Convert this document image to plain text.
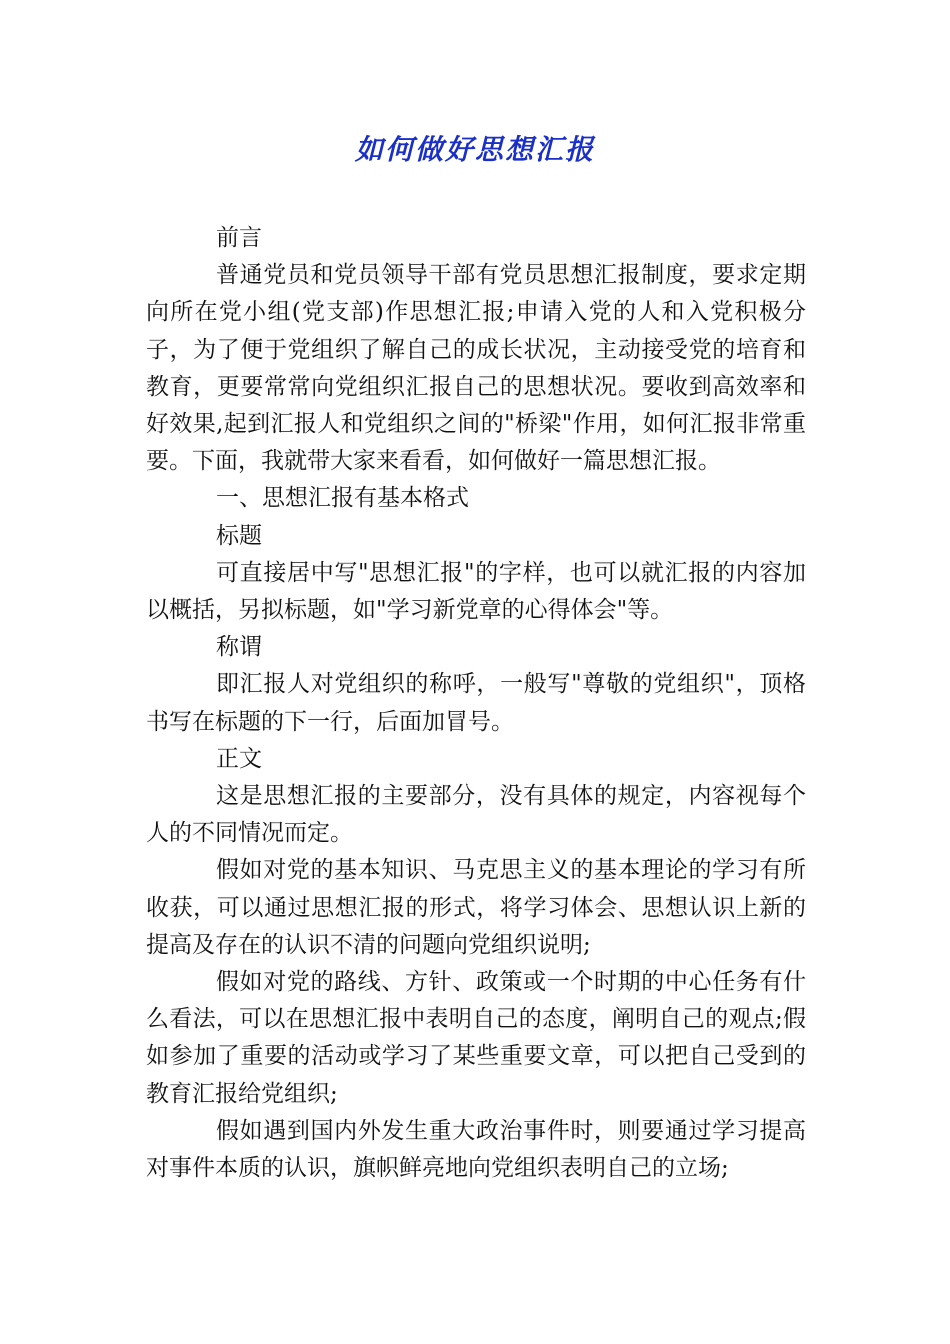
如何做好思想汇报

前言

普通党员和党员领导干部有党员思想汇报制度，要求定期向所在党小组(党支部)作思想汇报;申请入党的人和入党积极分子，为了便于党组织了解自己的成长状况，主动接受党的培育和教育，更要常常向党组织汇报自己的思想状况。要收到高效率和好效果,起到汇报人和党组织之间的"桥梁"作用，如何汇报非常重要。下面，我就带大家来看看，如何做好一篇思想汇报。

一、思想汇报有基本格式

标题

可直接居中写"思想汇报"的字样，也可以就汇报的内容加以概括，另拟标题，如"学习新党章的心得体会"等。

称谓

即汇报人对党组织的称呼，一般写"尊敬的党组织"，顶格书写在标题的下一行，后面加冒号。

正文

这是思想汇报的主要部分，没有具体的规定，内容视每个人的不同情况而定。

假如对党的基本知识、马克思主义的基本理论的学习有所收获，可以通过思想汇报的形式，将学习体会、思想认识上新的提高及存在的认识不清的问题向党组织说明;

假如对党的路线、方针、政策或一个时期的中心任务有什么看法，可以在思想汇报中表明自己的态度，阐明自己的观点;假如参加了重要的活动或学习了某些重要文章，可以把自己受到的教育汇报给党组织;

假如遇到国内外发生重大政治事件时，则要通过学习提高对事件本质的认识，旗帜鲜亮地向党组织表明自己的立场;
